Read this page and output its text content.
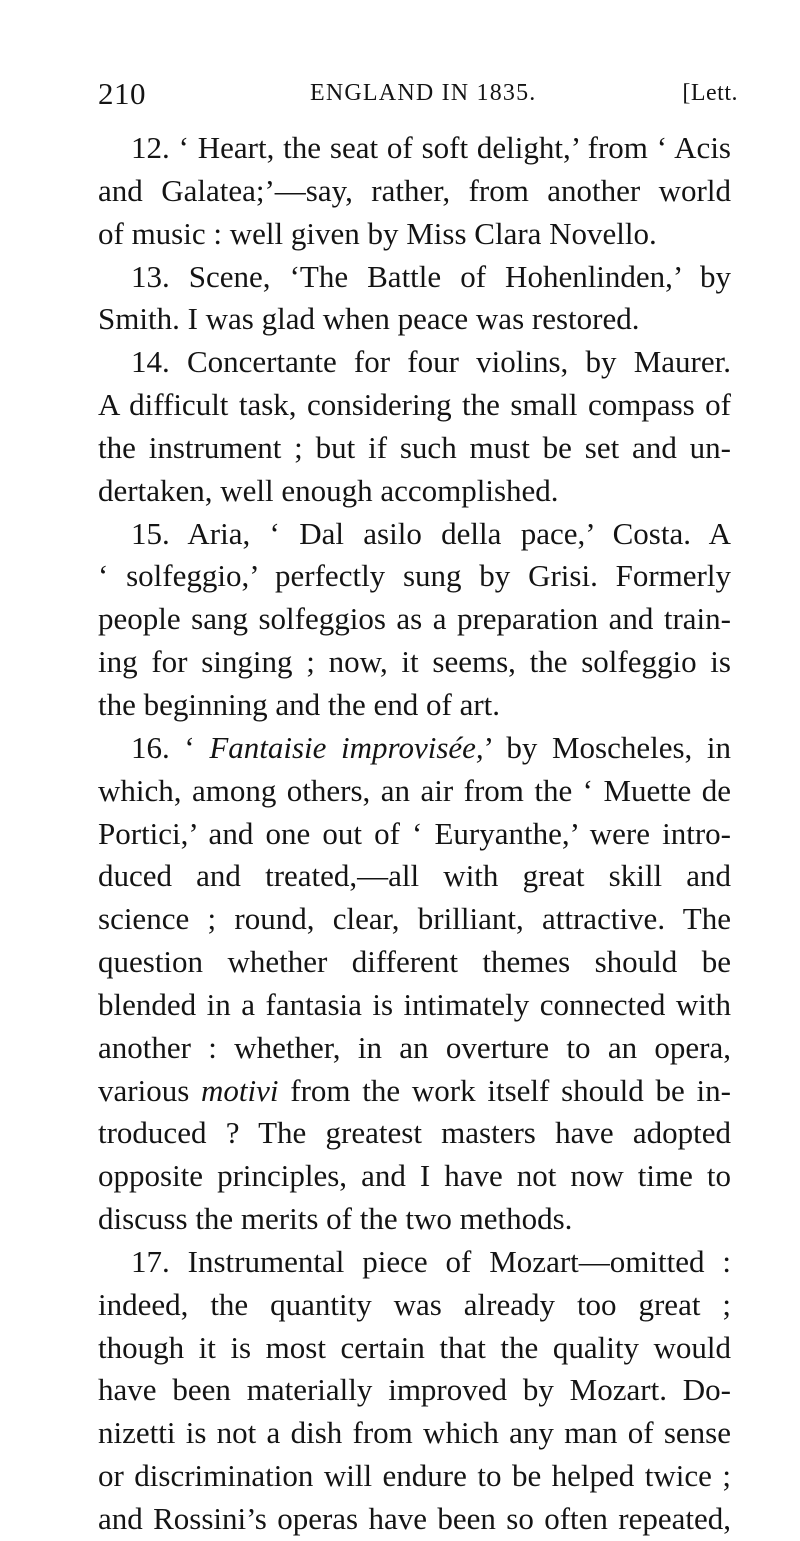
210	ENGLAND IN 1835.	[Lett.
12. ‘ Heart, the seat of soft delight,’ from ‘ Acis
and Galatea;’—say, rather, from another world
of music : well given by Miss Clara Novello.
13. Scene, ‘The Battle of Hohenlinden,’ by
Smith. I was glad when peace was restored.
14. Concertante for four violins, by Maurer.
A difficult task, considering the small compass of
the instrument ; but if such must be set and un-
dertaken, well enough accomplished.
15. Aria, ‘ Dal asilo della pace,’ Costa. A
‘ solfeggio,’ perfectly sung by Grisi. Formerly
people sang solfeggios as a preparation and train-
ing for singing ; now, it seems, the solfeggio is
the beginning and the end of art.
16. ‘ Fantaisie improvisée,’ by Moscheles, in
which, among others, an air from the ‘ Muette de
Portici,’ and one out of ‘ Euryanthe,’ were intro-
duced and treated,—all with great skill and
science ; round, clear, brilliant, attractive. The
question whether different themes should be
blended in a fantasia is intimately connected with
another : whether, in an overture to an opera,
various motivi from the work itself should be in-
troduced ? The greatest masters have adopted
opposite principles, and I have not now time to
discuss the merits of the two methods.
17. Instrumental piece of Mozart—omitted :
indeed, the quantity was already too great ;
though it is most certain that the quality would
have been materially improved by Mozart. Do-
nizetti is not a dish from which any man of sense
or discrimination will endure to be helped twice ;
and Rossini’s operas have been so often repeated,
